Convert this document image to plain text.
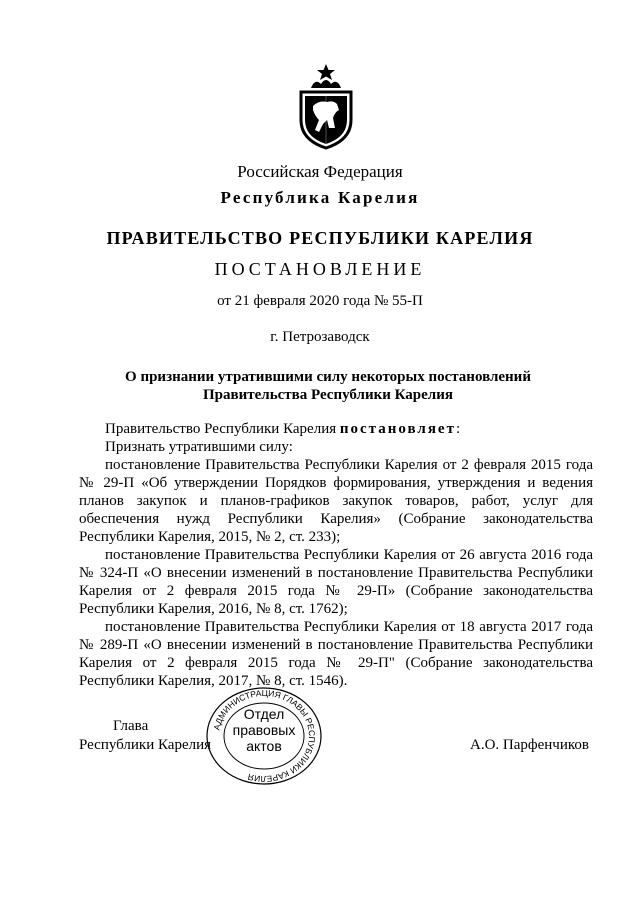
Российская Федерация
Республика Карелия
ПРАВИТЕЛЬСТВО РЕСПУБЛИКИ КАРЕЛИЯ
ПОСТАНОВЛЕНИЕ
от 21 февраля 2020 года № 55-П
г. Петрозаводск
О признании утратившими силу некоторых постановлений Правительства Республики Карелия

Правительство Республики Карелия постановляет:

Признать утратившими силу:

постановление Правительства Республики Карелия от 2 февраля 2015 года № 29-П «Об утверждении Порядков формирования, утверждения и ведения планов закупок и планов-графиков закупок товаров, работ, услуг для обеспечения нужд Республики Карелия» (Собрание законодательства Республики Карелия, 2015, № 2, ст. 233);

постановление Правительства Республики Карелия от 26 августа 2016 года № 324-П «О внесении изменений в постановление Правительства Республики Карелия от 2 февраля 2015 года № 29-П» (Собрание законодательства Республики Карелия, 2016, № 8, ст. 1762);

постановление Правительства Республики Карелия от 18 августа 2017 года № 289-П «О внесении изменений в постановление Правительства Республики Карелия от 2 февраля 2015 года № 29-П" (Собрание законодательства Республики Карелия, 2017, № 8, ст. 1546).

Глава
Республики Карелия	А.О. Парфенчиков
АДМИНИСТРАЦИЯ ГЛАВЫ РЕСПУБЛИКИ КАРЕЛИЯ
Отдел
правовых
актов
